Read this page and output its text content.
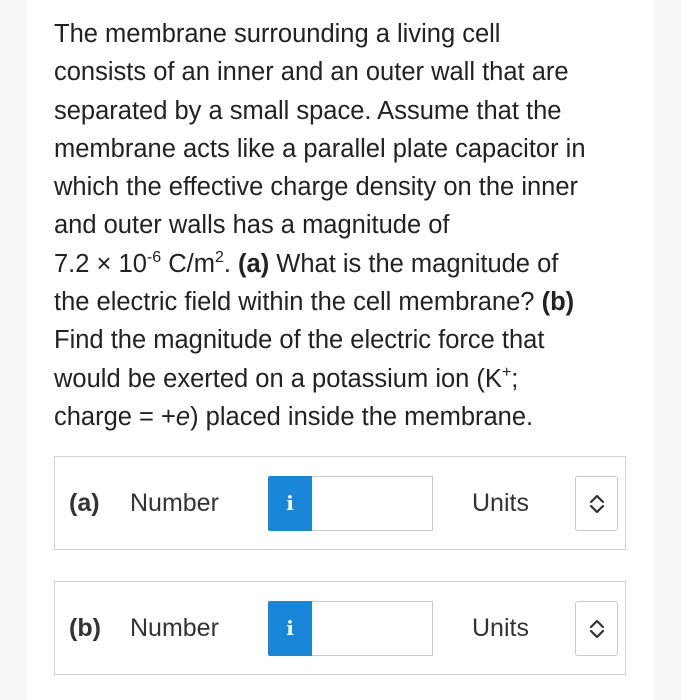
The membrane surrounding a living cell

consists of an inner and an outer wall that are

separated by a small space. Assume that the

membrane acts like a parallel plate capacitor in

which the effective charge density on the inner

and outer walls has a magnitude of

$7.2 \times 10^{-6}$ $C/m^2$. (a) What is the magnitude of

the electric field within the cell membrane? (b)

Find the magnitude of the electric force that

would be exerted on a potassium ion (K+;

charge = +e) placed inside the membrane.

(a) Number	i	Units
(b) Number	i	Units
